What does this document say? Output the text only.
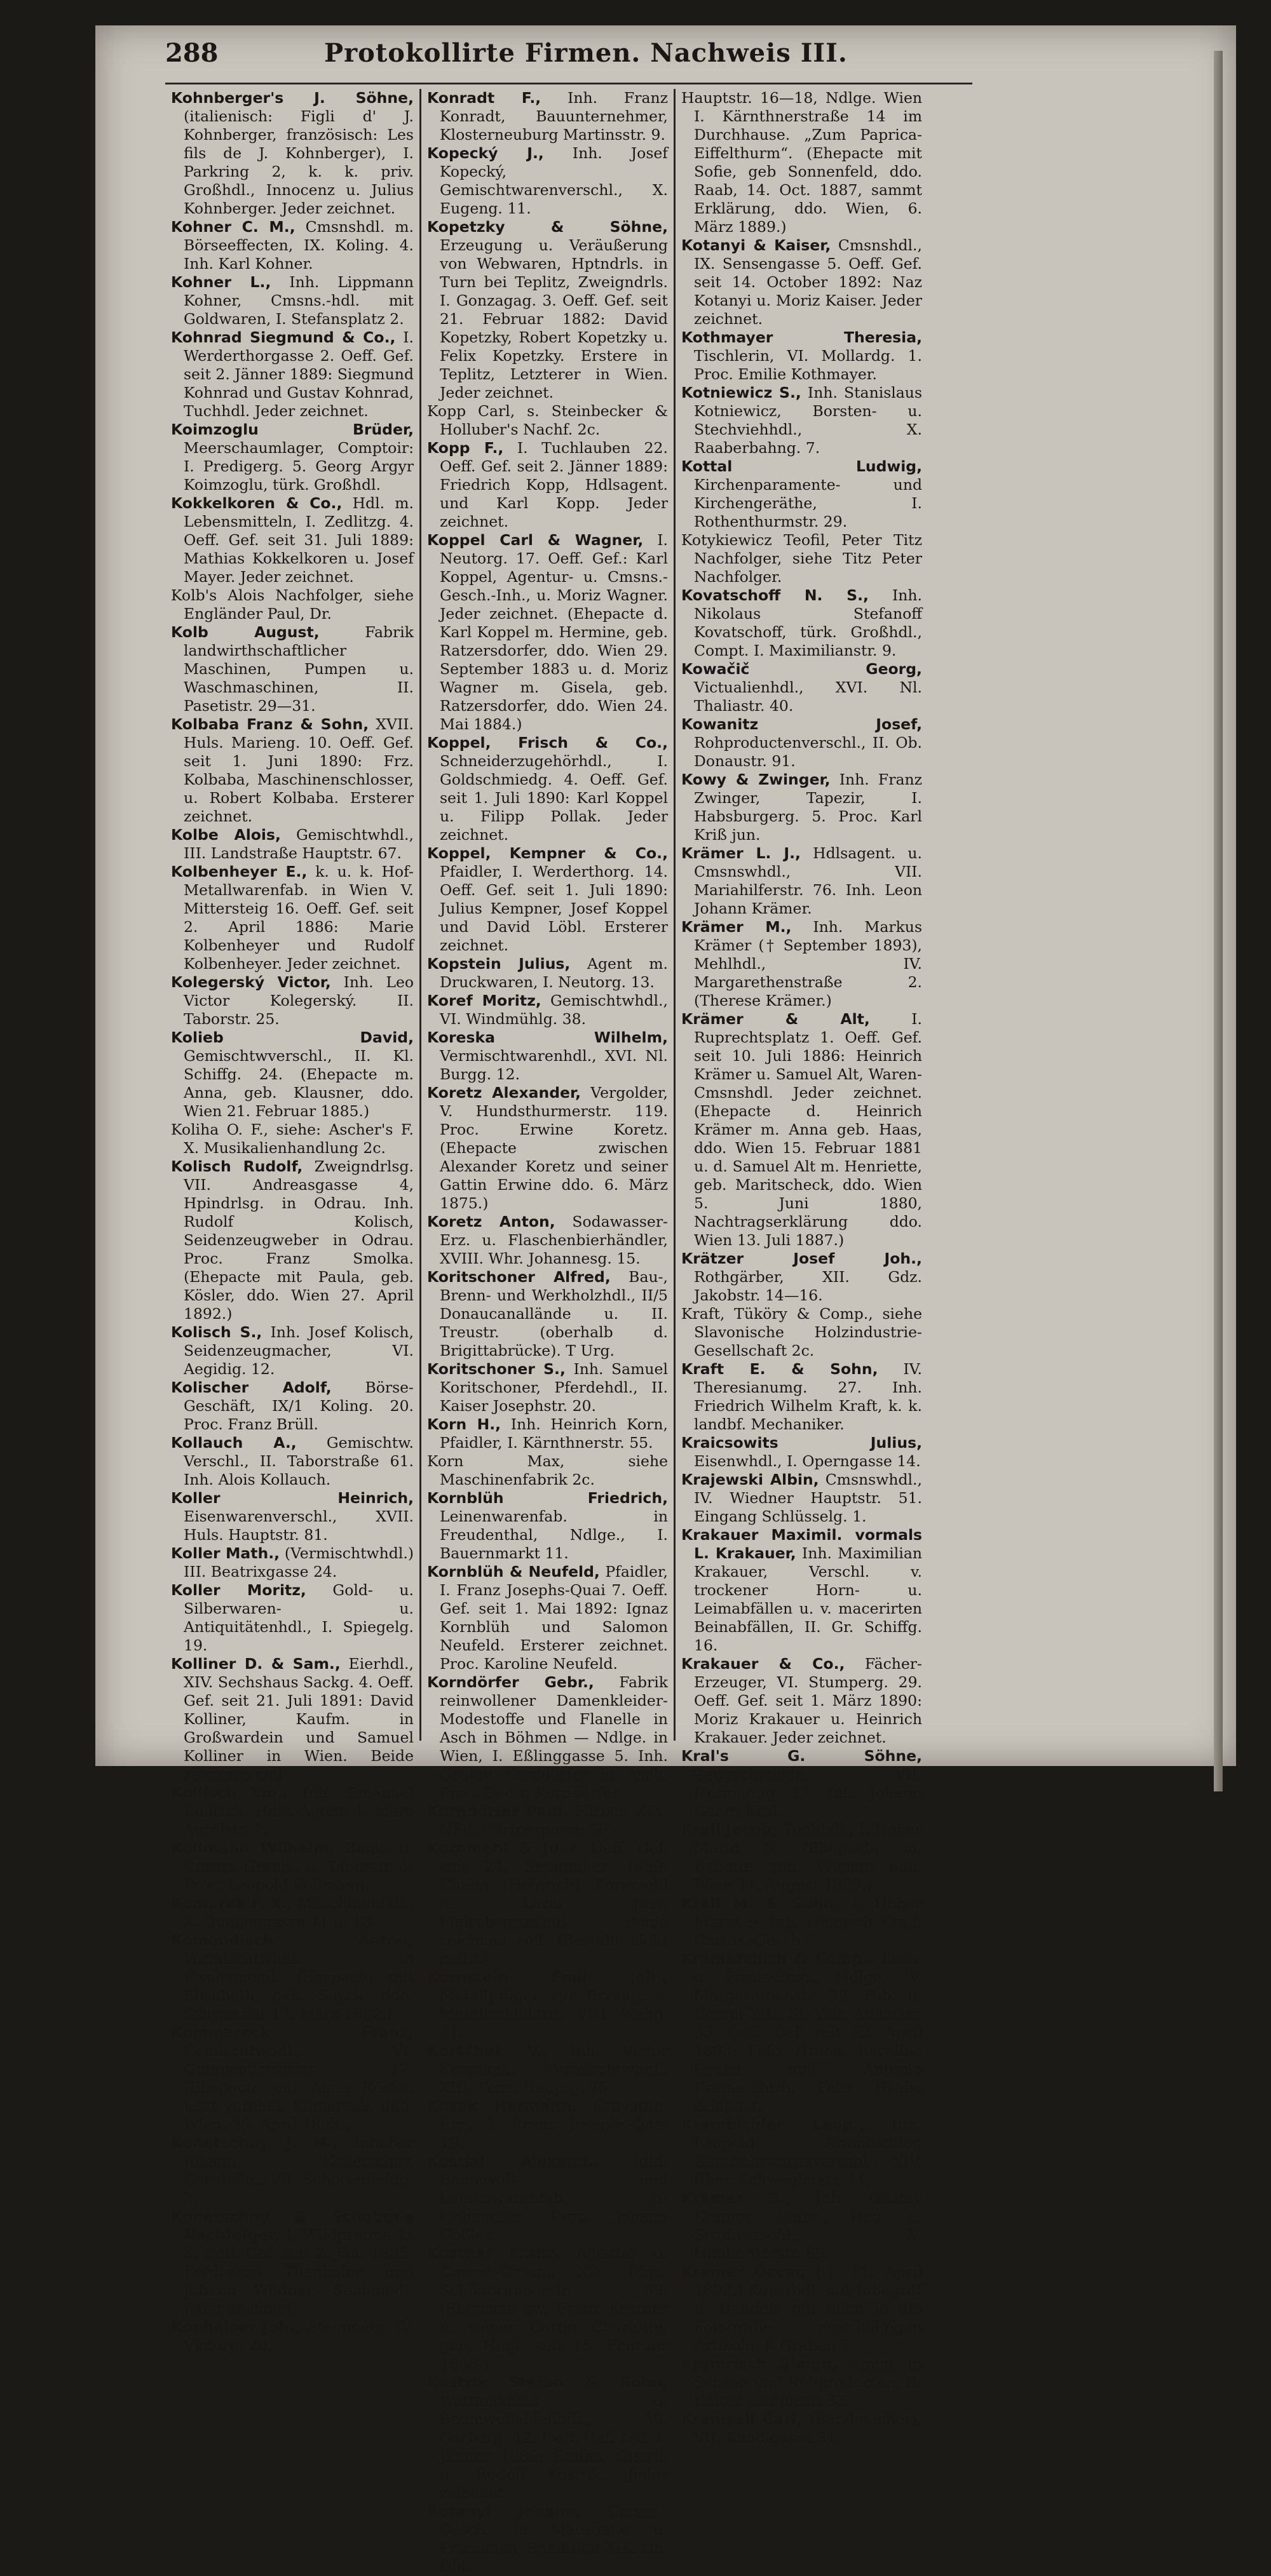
288	Protokollirte Firmen. Nachweis III.

Kohnberger's J. Söhne, (italienisch: Figli d' J. Kohnberger, französisch: Les fils de J. Kohnberger), I. Parkring 2, k. k. priv. Großhdl., Innocenz u. Julius Kohnberger. Jeder zeichnet.

Kohner C. M., Cmsnshdl. m. Börseeffecten, IX. Koling. 4. Inh. Karl Kohner.

Kohner L., Inh. Lippmann Kohner, Cmsns.-hdl. mit Goldwaren, I. Stefansplatz 2.

Kohnrad Siegmund & Co., I. Werderthorgasse 2. Oeff. Gef. seit 2. Jänner 1889: Siegmund Kohnrad und Gustav Kohnrad, Tuchhdl. Jeder zeichnet.

Koimzoglu Brüder, Meerschaumlager, Comptoir: I. Predigerg. 5. Georg Argyr Koimzoglu, türk. Großhdl.

Kokkelkoren & Co., Hdl. m. Lebensmitteln, I. Zedlitzg. 4. Oeff. Gef. seit 31. Juli 1889: Mathias Kokkelkoren u. Josef Mayer. Jeder zeichnet.

Kolb's Alois Nachfolger, siehe Engländer Paul, Dr.

Kolb August,	Fabrik landwirthschaftlicher Maschinen, Pumpen u. Waschmaschinen, II. Pasetistr. 29—31.

Kolbaba Franz & Sohn, XVII. Huls. Marieng. 10. Oeff. Gef. seit 1. Juni 1890: Frz. Kolbaba, Maschinenschlosser, u. Robert Kolbaba. Ersterer zeichnet.

Kolbe Alois, Gemischtwhdl., III. Landstraße Hauptstr. 67.

Kolbenheyer E., k. u. k. Hof-Metallwarenfab. in Wien V. Mittersteig 16. Oeff. Gef. seit 2. April 1886: Marie Kolbenheyer und Rudolf Kolbenheyer. Jeder zeichnet.

Kolegerský Victor, Inh. Leo Victor Kolegerský. II. Taborstr. 25.

Kolieb David, Gemischtwverschl., II. Kl. Schiffg. 24. (Ehepacte m. Anna, geb. Klausner, ddo. Wien 21. Februar 1885.)

Koliha O. F., siehe: Ascher's F. X. Musikalienhandlung 2c.

Kolisch Rudolf, Zweigndrlsg. VII. Andreasgasse 4, Hpindrlsg. in Odrau. Inh. Rudolf Kolisch, Seidenzeugweber in Odrau. Proc. Franz Smolka. (Ehepacte mit Paula, geb. Kösler, ddo. Wien 27. April 1892.)

Kolisch S., Inh. Josef Kolisch, Seidenzeugmacher, VI. Aegidig. 12.

Kolischer Adolf, Börse-Geschäft, IX/1 Koling. 20. Proc. Franz Brüll.

Kollauch A., Gemischtw. Verschl., II. Taborstraße 61. Inh. Alois Kollauch.

Koller Heinrich, Eisenwarenverschl., XVII. Huls. Hauptstr. 81.

Koller Math., (Vermischtwhdl.) III. Beatrixgasse 24.

Koller Moritz, Gold- u. Silberwaren- u. Antiquitätenhdl., I. Spiegelg. 19.

Kolliner D. & Sam., Eierhdl., XIV. Sechshaus Sackg. 4. Oeff. Gef. seit 21. Juli 1891: David Kolliner, Kaufm. in Großwardein und Samuel Kolliner in Wien. Beide zeichnen coll.

Kollisch Em., Inh. Emanuel Kollisch, Hdls.-Agent, I. Marc Aurelstr. 7.

Kollmann Wilhelm, Bank- u. Cmsns.-Gesch., II. Taborstr. 4. Proc. Leopold Kollmann.

Komarek F. X., Maschinenfab., X. Quellengasse 11 u. 13.

Komendisch Anton, Vermischtwhdl. in Fischamend. (Ehepacte mit Elisabeth, geb. Sayek, ddo. Schwechat 17. März 1882.)

Kommareck Franz, Gemischtwhdl., VI. Gumpendorferstr. 17. (Ehepacte mit Anna Rösler, jetzt verehel. Komareck, ddo. Wien, 25. April 1893.)

Konetschny J. N., Inhaber Johann Konetschny, Garnhdlg., VII. Schottenfeldg. 3.

Konetschny & Schober's Nachfolger, I. Wildpretmarkt 8. Oeff. Gef. seit 2. Jän. 1885: Ferdinand Thanhofer und Johann Wildner, Seidenhdl. Jeder zeichnet.

Konheiser Joh., Steinmetz, IV. Victorg. 20.

Konradt F., Inh. Franz Konradt, Bauunternehmer, Klosterneuburg Martinsstr. 9.

Kopecký J., Inh. Josef Kopecký, Gemischtwarenverschl., X. Eugeng. 11.

Kopetzky & Söhne, Erzeugung u. Veräußerung von Webwaren, Hptndrls. in Turn bei Teplitz, Zweigndrls. I. Gonzagag. 3. Oeff. Gef. seit 21. Februar 1882: David Kopetzky, Robert Kopetzky u. Felix Kopetzky. Erstere in Teplitz, Letzterer in Wien. Jeder zeichnet.

Kopp Carl, s. Steinbecker & Holluber's Nachf. 2c.

Kopp F., I. Tuchlauben 22. Oeff. Gef. seit 2. Jänner 1889: Friedrich Kopp, Hdlsagent. und Karl Kopp. Jeder zeichnet.

Koppel Carl & Wagner, I. Neutorg. 17. Oeff. Gef.: Karl Koppel, Agentur- u. Cmsns.-Gesch.-Inh., u. Moriz Wagner. Jeder zeichnet. (Ehepacte d. Karl Koppel m. Hermine, geb. Ratzersdorfer, ddo. Wien 29. September 1883 u. d. Moriz Wagner m. Gisela, geb. Ratzersdorfer, ddo. Wien 24. Mai 1884.)

Koppel, Frisch & Co., Schneiderzugehörhdl., I. Goldschmiedg. 4. Oeff. Gef. seit 1. Juli 1890: Karl Koppel u. Filipp Pollak. Jeder zeichnet.

Koppel, Kempner & Co., Pfaidler, I. Werderthorg. 14. Oeff. Gef. seit 1. Juli 1890: Julius Kempner, Josef Koppel und David Löbl. Ersterer zeichnet.

Kopstein Julius, Agent m. Druckwaren, I. Neutorg. 13.

Koref Moritz, Gemischtwhdl., VI. Windmühlg. 38.

Koreska Wilhelm, Vermischtwarenhdl., XVI. Nl. Burgg. 12.

Koretz Alexander, Vergolder, V. Hundsthurmerstr. 119. Proc. Erwine Koretz. (Ehepacte zwischen Alexander Koretz und seiner Gattin Erwine ddo. 6. März 1875.)

Koretz Anton, Sodawasser-Erz. u. Flaschenbierhändler, XVIII. Whr. Johannesg. 15.

Koritschoner Alfred, Bau-, Brenn- und Werkholzhdl., II/5 Donaucanallände u. II. Treustr. (oberhalb d. Brigittabrücke). T Urg.

Koritschoner S., Inh. Samuel Koritschoner, Pferdehdl., II. Kaiser Josephstr. 20.

Korn H., Inh. Heinrich Korn, Pfaidler, I. Kärnthnerstr. 55.

Korn Max, siehe Maschinenfabrik 2c.

Kornblüh Friedrich, Leinenwarenfab. in Freudenthal, Ndlge., I. Bauernmarkt 11.

Kornblüh & Neufeld, Pfaidler, I. Franz Josephs-Quai 7. Oeff. Gef. seit 1. Mai 1892: Ignaz Kornblüh und Salomon Neufeld. Ersterer zeichnet. Proc. Karoline Neufeld.

Korndörfer Gebr., Fabrik reinwollener Damenkleider-Modestoffe und Flanelle in Asch in Böhmen — Ndlge. in Wien, I. Eßlinggasse 5. Inh. Gustav Korndörfer in Asch. Proc. Georg Korndörfer.

Korndörfer Paul, Färber, XIX. Nßd. Gärtnergasse 56.

Kornmehl & Juer, Oeff. Gef. seit 24. September 1889: Chaim (Heinrich) Kornmehl u. Lazar Juer, Fleischcmsnshdl. Beide zeichnen coll. (Besteht nicht mehr.)

Kornstein Emil Joh., Metallpräger zur Erzeug. v. Metallschildern, VI/1 Webg. 21.

Korschak V., Inh. Victor Korschak, Vermischtwhdl., XIII. Penz. Hauptg. 75.

Kosak Hermann, Cravaten-Erz., I. Franz Josephs-Quai 19.

Kostial Alexand., ldbf. Baumwoll- und Leinenwarenfab. zu Hohenelbe. Proc. Johann Gößler.

Kostner Franz, Agentur u. Cmsns.-Gesch., XIV. Rhm. Schönbrunnerstr. 89. (Ehepacte zw. Franz Kostner u. seiner Gattin Charlotte, geb. Hugl, seit 15. Februar 1868.)

Kostrik Stefan & Sohn, Wattamacher u. Baumwollabfallhdl., VI. Garberg. 12. Oeff. Gef. seit 1. Jänner 1889: Stefan Kostrik u. Rudolf Kostrik. Jeder zeichnet.

Kotanyi Johann, Cmsns.-Gesch. in Materialw. u. Producten, Spedition XIX. Ob. Dbl.

Hauptstr. 16—18, Ndlge. Wien I. Kärnthnerstraße 14 im Durchhause. „Zum Paprica-Eiffelthurm“. (Ehepacte mit Sofie, geb Sonnenfeld, ddo. Raab, 14. Oct. 1887, sammt Erklärung, ddo. Wien, 6. März 1889.)

Kotanyi & Kaiser, Cmsnshdl., IX. Sensengasse 5. Oeff. Gef. seit 14. October 1892: Naz Kotanyi u. Moriz Kaiser. Jeder zeichnet.

Kothmayer Theresia, Tischlerin, VI. Mollardg. 1. Proc. Emilie Kothmayer.

Kotniewicz S., Inh. Stanislaus Kotniewicz, Borsten- u. Stechviehhdl., X. Raaberbahng. 7.

Kottal Ludwig, Kirchenparamente- und Kirchengeräthe, I. Rothenthurmstr. 29.

Kotykiewicz Teofil, Peter Titz Nachfolger, siehe Titz Peter Nachfolger.

Kovatschoff N. S., Inh. Nikolaus Stefanoff Kovatschoff, türk. Großhdl., Compt. I. Maximilianstr. 9.

Kowačič Georg, Victualienhdl., XVI. Nl. Thaliastr. 40.

Kowanitz Josef, Rohproductenverschl., II. Ob. Donaustr. 91.

Kowy & Zwinger, Inh. Franz Zwinger, Tapezir, I. Habsburgerg. 5. Proc. Karl Kriß jun.

Krämer L. J., Hdlsagent. u. Cmsnswhdl., VII. Mariahilferstr. 76. Inh. Leon Johann Krämer.

Krämer M., Inh. Markus Krämer († September 1893), Mehlhdl., IV. Margarethenstraße 2. (Therese Krämer.)

Krämer & Alt,	I. Ruprechtsplatz 1. Oeff. Gef. seit 10. Juli 1886: Heinrich Krämer u. Samuel Alt, Waren-Cmsnshdl. Jeder zeichnet. (Ehepacte d. Heinrich Krämer m. Anna geb. Haas, ddo. Wien 15. Februar 1881 u. d. Samuel Alt m. Henriette, geb. Maritscheck, ddo. Wien 5. Juni 1880, Nachtragserklärung ddo. Wien 13. Juli 1887.)

Krätzer Josef Joh., Rothgärber, XII. Gdz. Jakobstr. 14—16.

Kraft, Tüköry & Comp., siehe Slavonische Holzindustrie-Gesellschaft 2c.

Kraft E. & Sohn, IV. Theresianumg. 27. Inh. Friedrich Wilhelm Kraft, k. k. landbf. Mechaniker.

Kraicsowits Julius, Eisenwhdl., I. Operngasse 14.

Krajewski Albin, Cmsnswhdl., IV. Wiedner Hauptstr. 51. Eingang Schlüsselg. 1.

Krakauer Maximil. vormals L. Krakauer, Inh. Maximilian Krakauer, Verschl. v. trockener Horn- u. Leimabfällen u. v. macerirten Beinabfällen, II. Gr. Schiffg. 16.

Krakauer & Co., Fächer-Erzeuger, VI. Stumperg. 29. Oeff. Gef. seit 1. März 1890: Moriz Krakauer u. Heinrich Krakauer. Jeder zeichnet.

Kral's G. Söhne, Zeugschmiede, VII. Hermanng. 11. Inh. Johann Georg Kral.

Krall Jacob, Tuchhdl., I. Hoher Markt 9. (Ehepacte m. Babette geb. Wiener, ddo. Wien 11. August 1887.)

Krall M. & Sohn, I. Hoher Markt 9. Inh. Heinrich Krall, Cmsns.-Gesch.

Kramarzhizh & Comp., Lack- u. Firnis-Erzg., Ndlge. IV. Margarethenstr. 39, Fab. u. Compt XIII. St. Veit, Auhofstr. 33. Oeff. Gef. seit 22. April 1893: Felix Hraba, Karoline Hraba und Antonia Kramarzhizh. Felix Hraba zeichnet.

Krambichler Leop., Inh. Leopold Krambichler, Gemischtwarenverschl., XIV. Rhm. Schweglerstr. 11.

Kramer G., Inh. Gustav Kramer, Hafer-, Heu- u. Strohverschl., X. Himbergerstr. 69.

Kramer Oscar, († 11. April 1892.) Kunsthdl. mit Inbegriff d. Handels mit allen in die Fotografie einschlägigen Artikeln, I. Graben 7.

Kramrisch Simon, Agent in Sensen und Rohproducten, II. Kaiser Josephstr. 33.

Kramsall Carl, (Bandmacher), VII. Kandlgasse 31.
